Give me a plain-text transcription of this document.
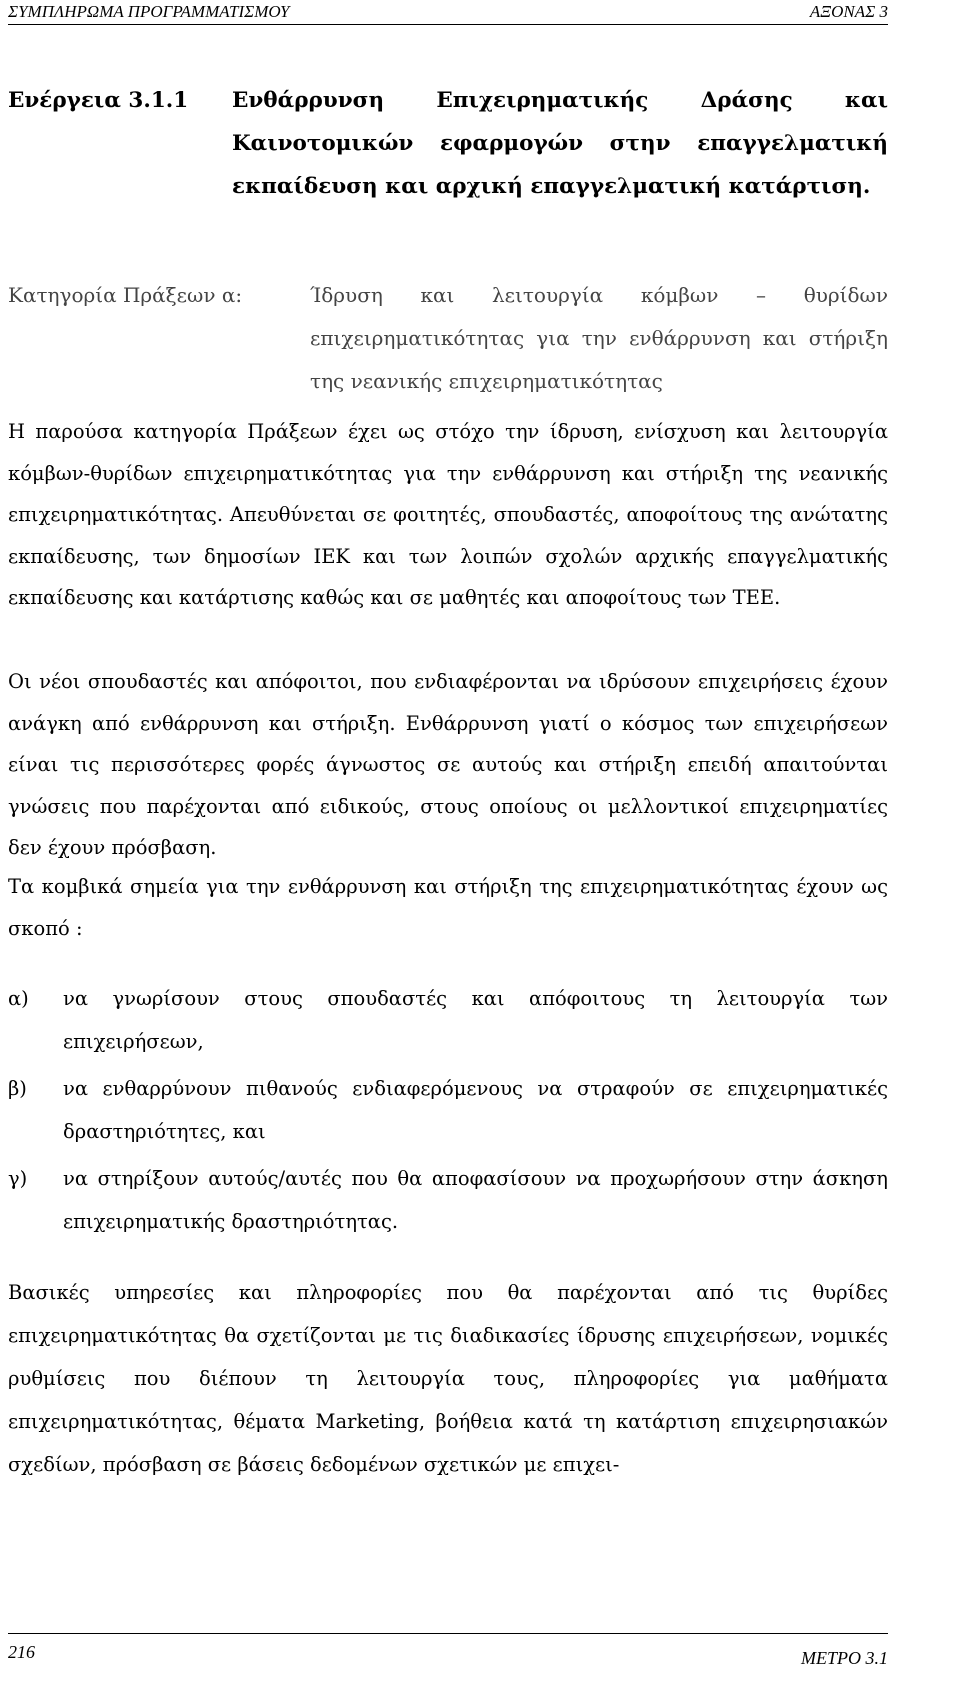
ΣΥΜΠΛΗΡΩΜΑ ΠΡΟΓΡΑΜΜΑΤΙΣΜΟΥ	ΑΞΟΝΑΣ 3
Ενέργεια 3.1.1 Ενθάρρυνση Επιχειρηματικής Δράσης και Καινοτομικών εφαρμογών στην επαγγελματική εκπαίδευση και αρχική επαγγελματική κατάρτιση.
Κατηγορία Πράξεων α:	Ίδρυση και λειτουργία κόμβων – θυρίδων επιχειρηματικότητας για την ενθάρρυνση και στήριξη της νεανικής επιχειρηματικότητας

Η παρούσα κατηγορία Πράξεων έχει ως στόχο την ίδρυση, ενίσχυση και λειτουργία κόμβων-θυρίδων επιχειρηματικότητας για την ενθάρρυνση και στήριξη της νεανικής επιχειρηματικότητας. Απευθύνεται σε φοιτητές, σπουδαστές, αποφοίτους της ανώτατης εκπαίδευσης, των δημοσίων ΙΕΚ και των λοιπών σχολών αρχικής επαγγελματικής εκπαίδευσης και κατάρτισης καθώς και σε μαθητές και αποφοίτους των ΤΕΕ.

Οι νέοι σπουδαστές και απόφοιτοι, που ενδιαφέρονται να ιδρύσουν επιχειρήσεις έχουν ανάγκη από ενθάρρυνση και στήριξη. Ενθάρρυνση γιατί ο κόσμος των επιχειρήσεων είναι τις περισσότερες φορές άγνωστος σε αυτούς και στήριξη επειδή απαιτούνται γνώσεις που παρέχονται από ειδικούς, στους οποίους οι μελλοντικοί επιχειρηματίες δεν έχουν πρόσβαση.

Τα κομβικά σημεία για την ενθάρρυνση και στήριξη της επιχειρηματικότητας έχουν ως σκοπό :

α) να γνωρίσουν στους σπουδαστές και απόφοιτους τη λειτουργία των επιχειρήσεων,
β) να ενθαρρύνουν πιθανούς ενδιαφερόμενους να στραφούν σε επιχειρηματικές δραστηριότητες, και
γ) να στηρίξουν αυτούς/αυτές που θα αποφασίσουν να προχωρήσουν στην άσκηση επιχειρηματικής δραστηριότητας.

Βασικές υπηρεσίες και πληροφορίες που θα παρέχονται από τις θυρίδες επιχειρηματικότητας θα σχετίζονται με τις διαδικασίες ίδρυσης επιχειρήσεων, νομικές ρυθμίσεις που διέπουν τη λειτουργία τους, πληροφορίες για μαθήματα επιχειρηματικότητας, θέματα Marketing, βοήθεια κατά τη κατάρτιση επιχειρησιακών σχεδίων, πρόσβαση σε βάσεις δεδομένων σχετικών με επιχει-

216	ΜΕΤΡΟ 3.1
